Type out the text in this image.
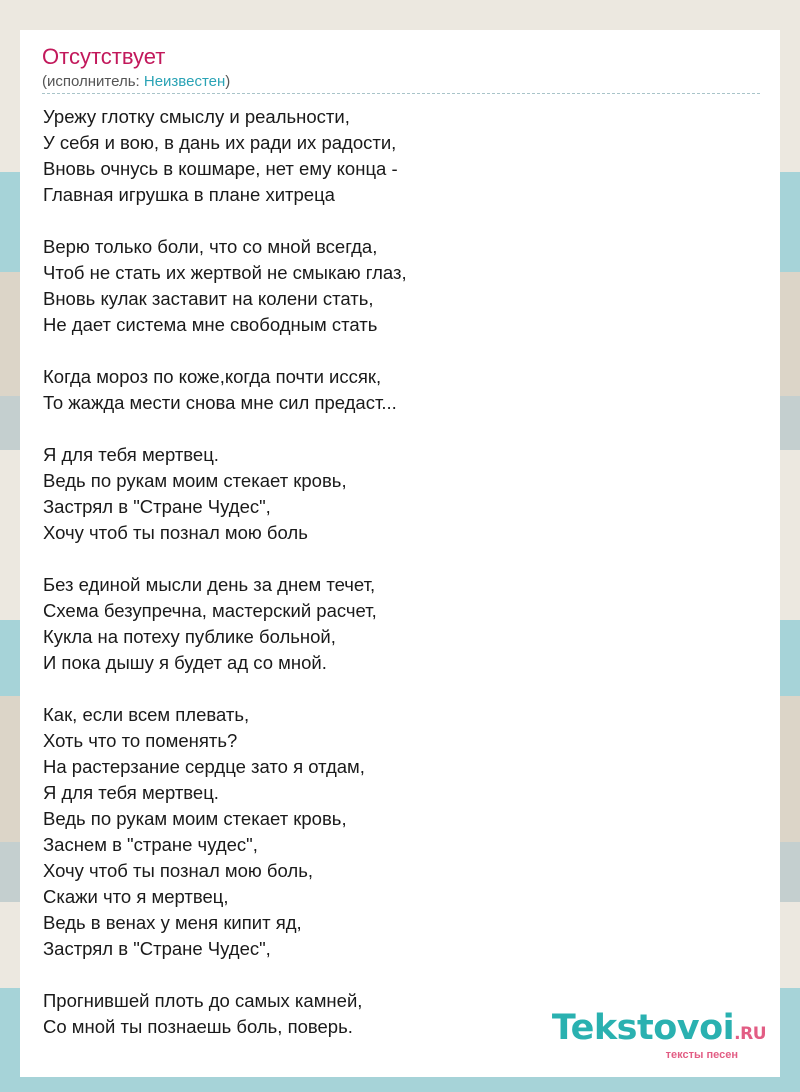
Отсутствует
(исполнитель: Неизвестен)
Урежу глотку смыслу и реальности,
У себя и вою, в дань их ради их радости,
Вновь очнусь в кошмаре, нет ему конца -
Главная игрушка в плане хитреца
Верю только боли, что со мной всегда,
Чтоб не стать их жертвой не смыкаю глаз,
Вновь кулак заставит на колени стать,
Не дает система мне свободным стать
Когда мороз по коже,когда почти иссяк,
То жажда мести снова мне сил предаст...
Я для тебя мертвец.
Ведь по рукам моим стекает кровь,
Застрял в "Стране Чудес",
Хочу чтоб ты познал мою боль
Без единой мысли день за днем течет,
Схема безупречна, мастерский расчет,
Кукла на потеху публике больной,
И пока дышу я будет ад со мной.
Как, если всем плевать,
Хоть что то поменять?
На растерзание сердце зато я отдам,
Я для тебя мертвец.
Ведь по рукам моим стекает кровь,
Заснем в "стране чудес",
Хочу чтоб ты познал мою боль,
Скажи что я мертвец,
Ведь в венах у меня кипит яд,
Застрял в "Стране Чудес",
Прогнившей плоть до самых камней,
Со мной ты познаешь боль, поверь.	Tekstovoi.RU
тексты песен
